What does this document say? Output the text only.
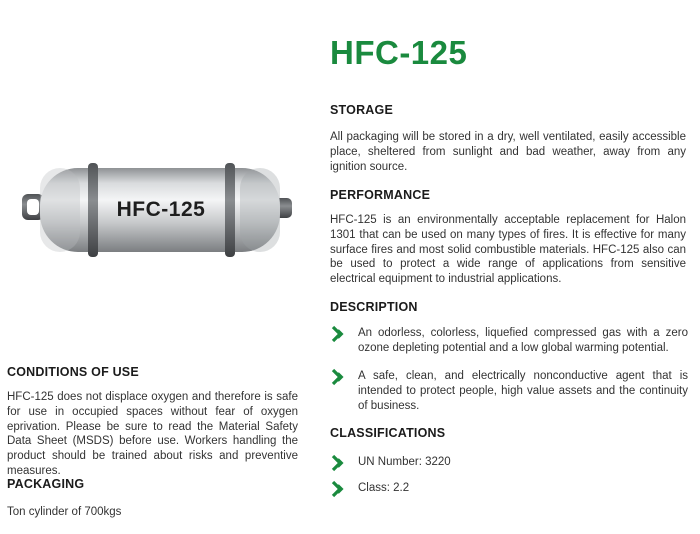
HFC-125
HFC-125
STORAGE

All packaging will be stored in a dry, well ventilated, easily accessible place, sheltered from sunlight and bad weather, away from any ignition source.

PERFORMANCE

HFC-125 is an environmentally acceptable replacement for Halon 1301 that can be used on many types of fires. It is effective for many surface fires and most solid combustible materials. HFC-125 also can be used to protect a wide range of applications from sensitive electrical equipment to industrial applications.

DESCRIPTION
An odorless, colorless, liquefied compressed gas with a zero ozone depleting potential and a low global warming potential.
A safe, clean, and electrically nonconductive agent that is intended to protect people, high value assets and the continuity of business.
CLASSIFICATIONS
UN Number: 3220
Class: 2.2
CONDITIONS OF USE

HFC-125 does not displace oxygen and therefore is safe for use in occupied spaces without fear of oxygen eprivation. Please be sure to read the Material Safety Data Sheet (MSDS) before use. Workers handling the product should be trained about risks and preventive measures.

PACKAGING

Ton cylinder of 700kgs
